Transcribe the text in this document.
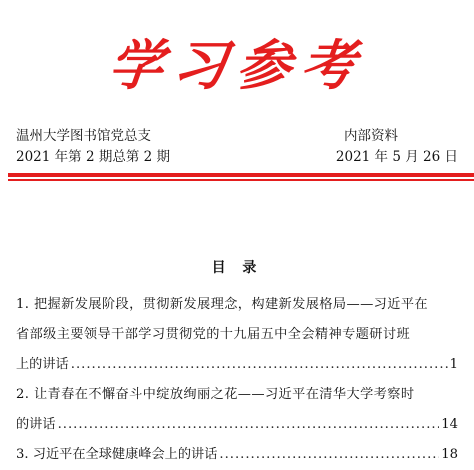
学习参考
温州大学图书馆党总支	内部资料
2021 年第 2 期总第 2 期	2021 年 5 月 26 日
目 录
1. 把握新发展阶段，贯彻新发展理念，构建新发展格局——习近平在
省部级主要领导干部学习贯彻党的十九届五中全会精神专题研讨班
上的讲话 .....	1
2. 让青春在不懈奋斗中绽放绚丽之花——习近平在清华大学考察时
的讲话 .....	14
3. 习近平在全球健康峰会上的讲话 .....	18
